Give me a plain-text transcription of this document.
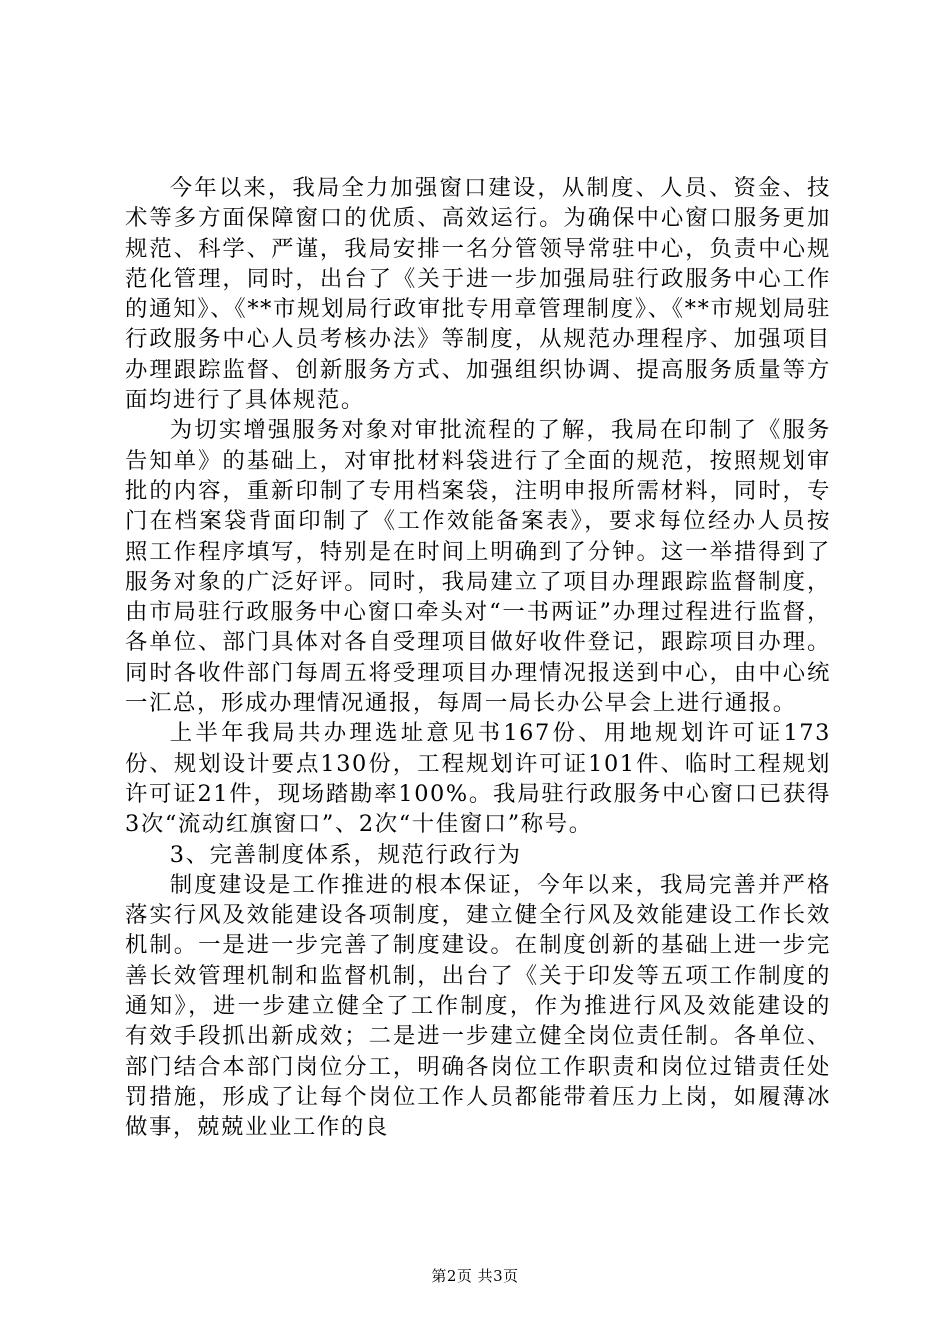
今年以来，我局全力加强窗口建设，从制度、人员、资金、技术等多方面保障窗口的优质、高效运行。为确保中心窗口服务更加规范、科学、严谨，我局安排一名分管领导常驻中心，负责中心规范化管理，同时，出台了《关于进一步加强局驻行政服务中心工作的通知》、《**市规划局行政审批专用章管理制度》、《**市规划局驻行政服务中心人员考核办法》等制度，从规范办理程序、加强项目办理跟踪监督、创新服务方式、加强组织协调、提高服务质量等方面均进行了具体规范。

为切实增强服务对象对审批流程的了解，我局在印制了《服务告知单》的基础上，对审批材料袋进行了全面的规范，按照规划审批的内容，重新印制了专用档案袋，注明申报所需材料，同时，专门在档案袋背面印制了《工作效能备案表》，要求每位经办人员按照工作程序填写，特别是在时间上明确到了分钟。这一举措得到了服务对象的广泛好评。同时，我局建立了项目办理跟踪监督制度，由市局驻行政服务中心窗口牵头对“一书两证”办理过程进行监督，各单位、部门具体对各自受理项目做好收件登记，跟踪项目办理。同时各收件部门每周五将受理项目办理情况报送到中心，由中心统一汇总，形成办理情况通报，每周一局长办公早会上进行通报。

上半年我局共办理选址意见书167份、用地规划许可证173份、规划设计要点130份，工程规划许可证101件、临时工程规划许可证21件，现场踏勘率100%。我局驻行政服务中心窗口已获得3次“流动红旗窗口”、2次“十佳窗口”称号。

3、完善制度体系，规范行政行为

制度建设是工作推进的根本保证，今年以来，我局完善并严格落实行风及效能建设各项制度，建立健全行风及效能建设工作长效机制。一是进一步完善了制度建设。在制度创新的基础上进一步完善长效管理机制和监督机制，出台了《关于印发等五项工作制度的通知》，进一步建立健全了工作制度，作为推进行风及效能建设的有效手段抓出新成效；二是进一步建立健全岗位责任制。各单位、部门结合本部门岗位分工，明确各岗位工作职责和岗位过错责任处罚措施，形成了让每个岗位工作人员都能带着压力上岗，如履薄冰做事，兢兢业业工作的良

第2页 共3页
